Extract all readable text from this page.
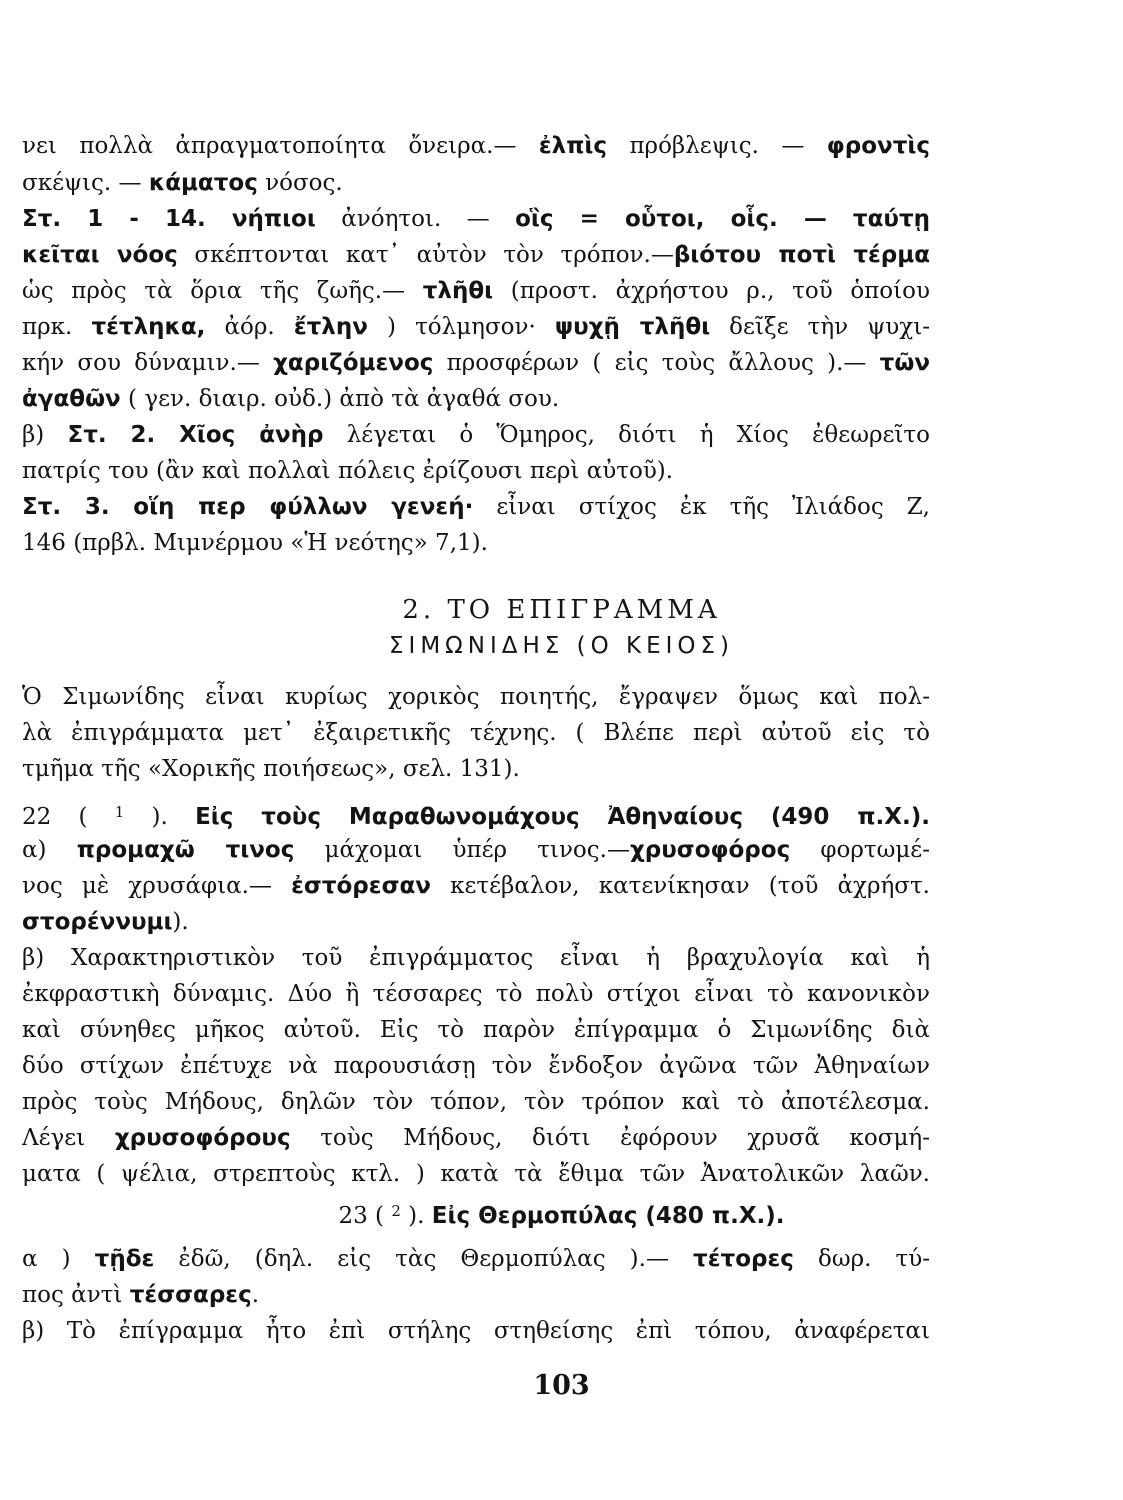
νει πολλὰ ἀπραγματοποίητα ὄνειρα.— ἐλπὶς πρόβλεψις. — φροντὶς
σκέψις. — κάματος νόσος.
Στ. 1 - 14. νήπιοι ἀνόητοι. — οἳς = οὗτοι, οἷς. — ταύτῃ
κεῖται νόος σκέπτονται κατ᾽ αὐτὸν τὸν τρόπον.—βιότου ποτὶ τέρμα
ὡς πρὸς τὰ ὅρια τῆς ζωῆς.— τλῆθι (προστ. ἀχρήστου ρ., τοῦ ὁποίου
πρκ. τέτληκα, ἀόρ. ἔτλην ) τόλμησον· ψυχῇ τλῆθι δεῖξε τὴν ψυχι-
κήν σου δύναμιν.— χαριζόμενος προσφέρων ( εἰς τοὺς ἄλλους ).— τῶν
ἀγαθῶν ( γεν. διαιρ. οὐδ.) ἀπὸ τὰ ἀγαθά σου.
β) Στ. 2. Χῖος ἀνὴρ λέγεται ὁ Ὅμηρος, διότι ἡ Χίος ἐθεωρεῖτο
πατρίς του (ἂν καὶ πολλαὶ πόλεις ἐρίζουσι περὶ αὐτοῦ).
Στ. 3. οἵη περ φύλλων γενεή· εἶναι στίχος ἐκ τῆς Ἰλιάδος Ζ,
146 (πρβλ. Μιμνέρμου «Ἡ νεότης» 7,1).
2. ΤΟ ΕΠΙΓΡΑΜΜΑ
ΣΙΜΩΝΙΔΗΣ (Ο ΚΕΙΟΣ)
Ὁ Σιμωνίδης εἶναι κυρίως χορικὸς ποιητής, ἔγραψεν ὅμως καὶ πολ-
λὰ ἐπιγράμματα μετ᾽ ἐξαιρετικῆς τέχνης. ( Βλέπε περὶ αὐτοῦ εἰς τὸ
τμῆμα τῆς «Χορικῆς ποιήσεως», σελ. 131).
22 ( $^1$ ). Εἰς τοὺς Μαραθωνομάχους Ἀθηναίους (490 π.Χ.).
α) προμαχῶ τινος μάχομαι ὑπέρ τινος.—χρυσοφόρος φορτωμέ-
νος μὲ χρυσάφια.— ἐστόρεσαν κετέβαλον, κατενίκησαν (τοῦ ἀχρήστ.
στορέννυμι).
β) Χαρακτηριστικὸν τοῦ ἐπιγράμματος εἶναι ἡ βραχυλογία καὶ ἡ
ἐκφραστικὴ δύναμις. Δύο ἢ τέσσαρες τὸ πολὺ στίχοι εἶναι τὸ κανονικὸν
καὶ σύνηθες μῆκος αὐτοῦ. Εἰς τὸ παρὸν ἐπίγραμμα ὁ Σιμωνίδης διὰ
δύο στίχων ἐπέτυχε νὰ παρουσιάσῃ τὸν ἔνδοξον ἀγῶνα τῶν Ἀθηναίων
πρὸς τοὺς Μήδους, δηλῶν τὸν τόπον, τὸν τρόπον καὶ τὸ ἀποτέλεσμα.
Λέγει χρυσοφόρους τοὺς Μήδους, διότι ἐφόρουν χρυσᾶ κοσμή-
ματα ( ψέλια, στρεπτοὺς κτλ. ) κατὰ τὰ ἔθιμα τῶν Ἀνατολικῶν λαῶν.
23 ( $^2$ ). Εἰς Θερμοπύλας (480 π.Χ.).
α ) τῇδε ἐδῶ, (δηλ. εἰς τὰς Θερμοπύλας ).— τέτορες δωρ. τύ-
πος ἀντὶ τέσσαρες.
β) Τὸ ἐπίγραμμα ἦτο ἐπὶ στήλης στηθείσης ἐπὶ τόπου, ἀναφέρεται
103
